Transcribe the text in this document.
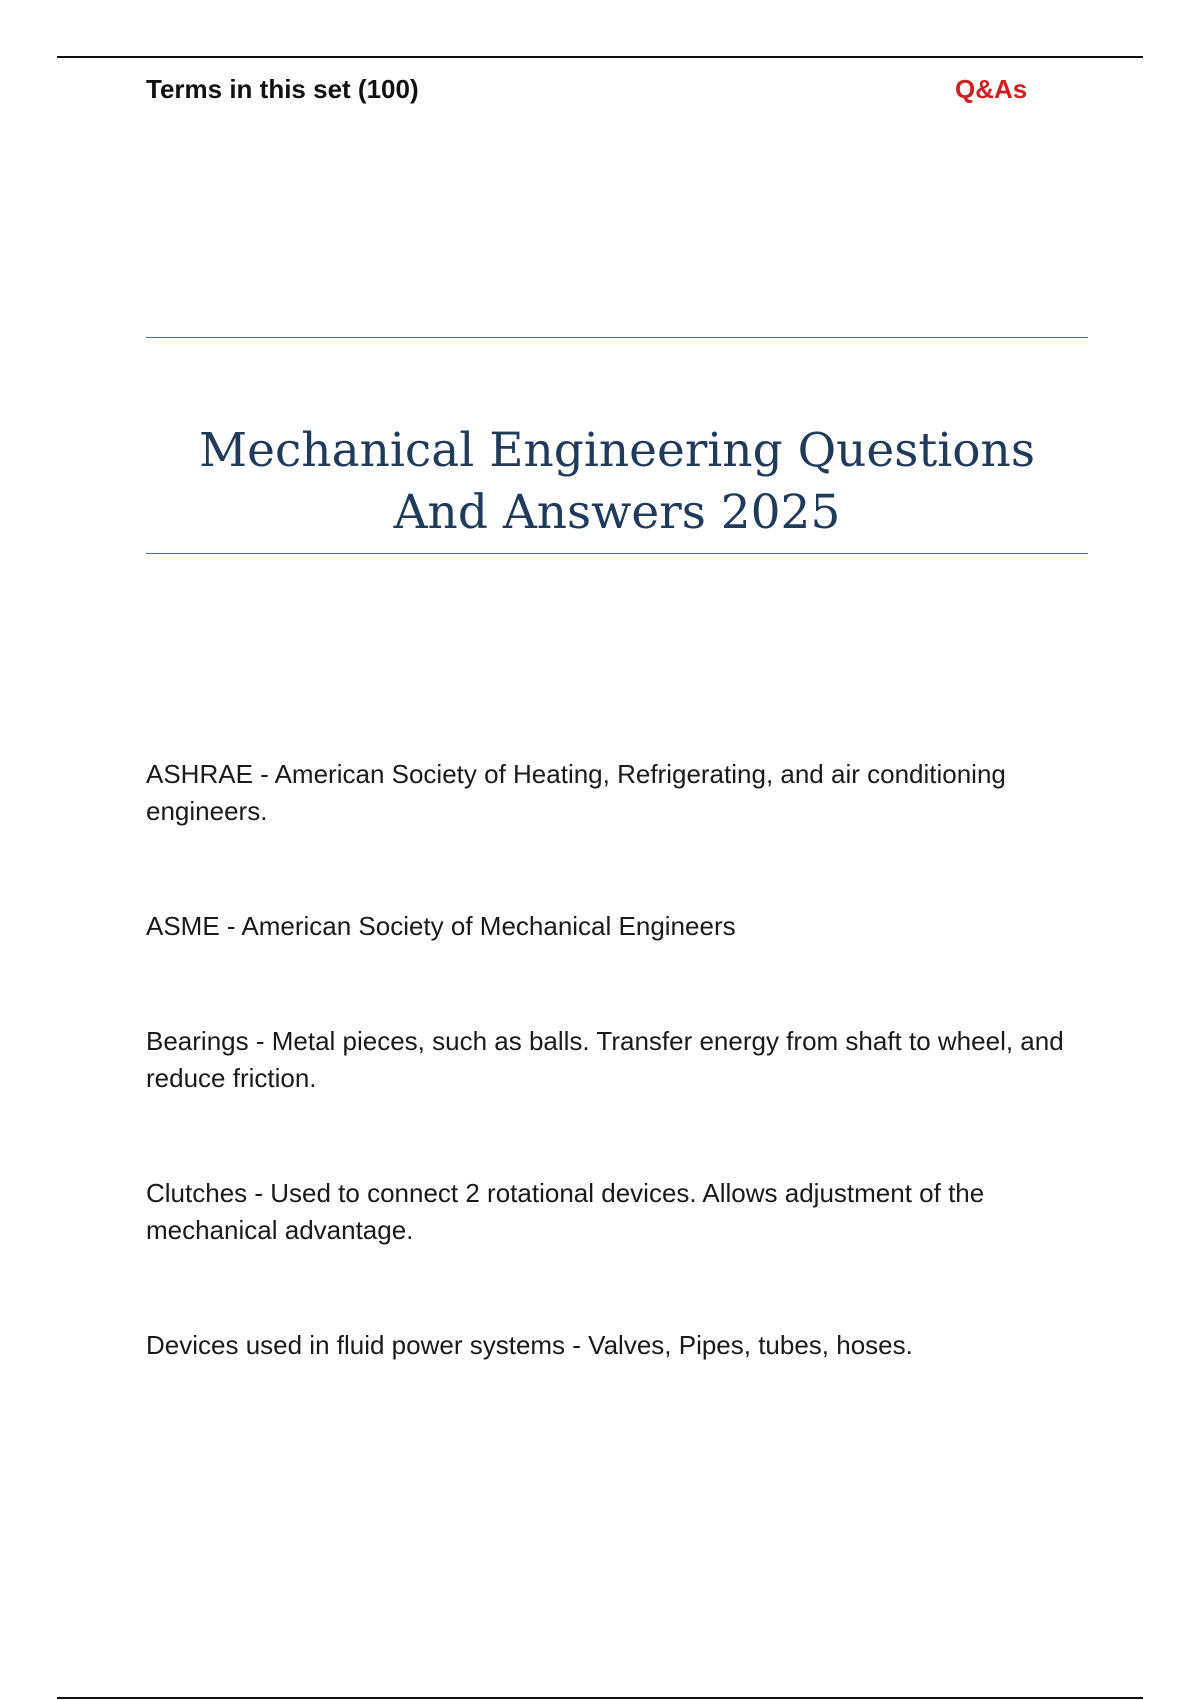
Terms in this set (100)	Q&As
Mechanical Engineering Questions And Answers 2025

ASHRAE - American Society of Heating, Refrigerating, and air conditioning engineers.

ASME - American Society of Mechanical Engineers

Bearings - Metal pieces, such as balls. Transfer energy from shaft to wheel, and reduce friction.

Clutches - Used to connect 2 rotational devices. Allows adjustment of the mechanical advantage.

Devices used in fluid power systems - Valves, Pipes, tubes, hoses.
